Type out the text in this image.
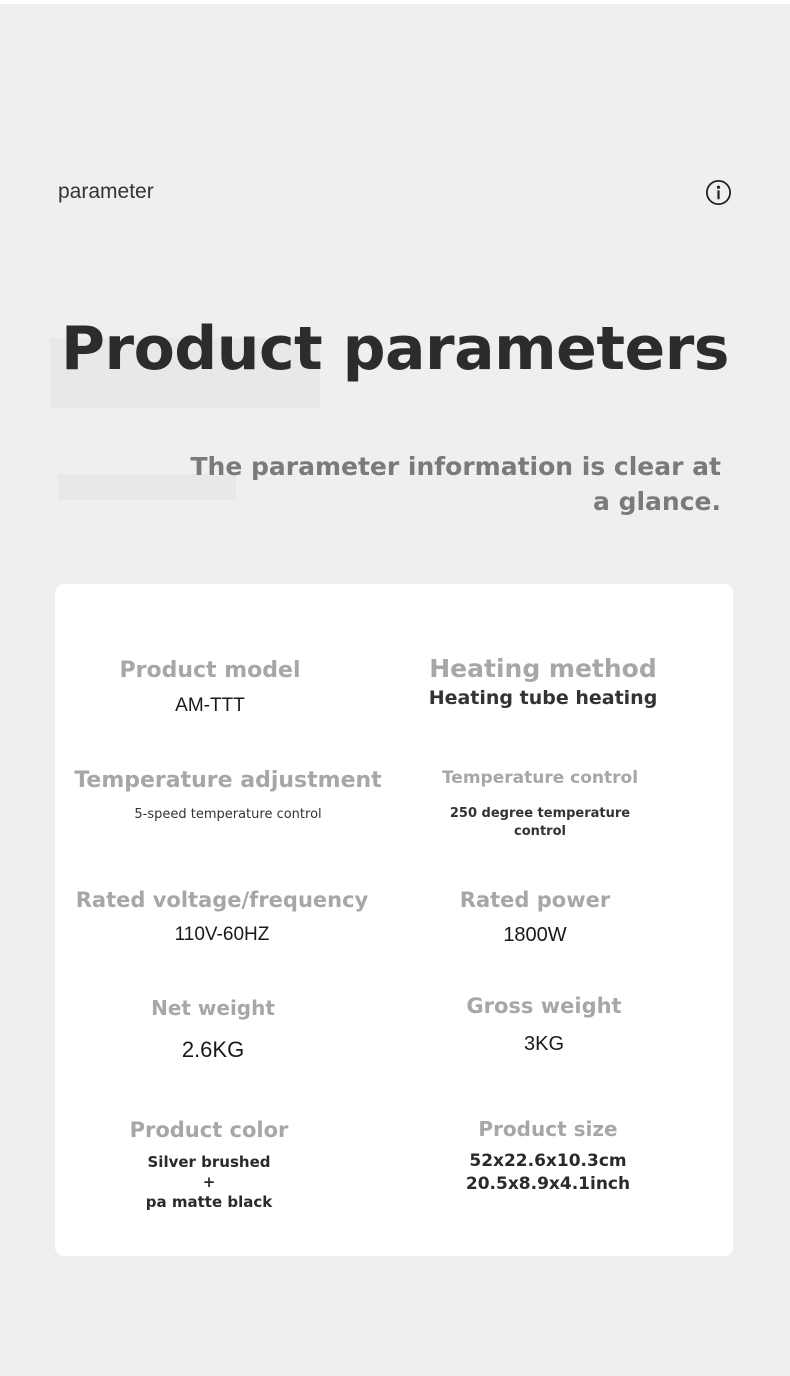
parameter
Product parameters
The parameter information is clear at a glance.
Product model
AM-TTT
Heating method
Heating tube heating
Temperature adjustment
5-speed temperature control
Temperature control
250 degree temperature
control
Rated voltage/frequency
110V-60HZ
Rated power
1800W
Net weight
2.6KG
Gross weight
3KG
Product color
Silver brushed
+
pa matte black
Product size
52x22.6x10.3cm
20.5x8.9x4.1inch
